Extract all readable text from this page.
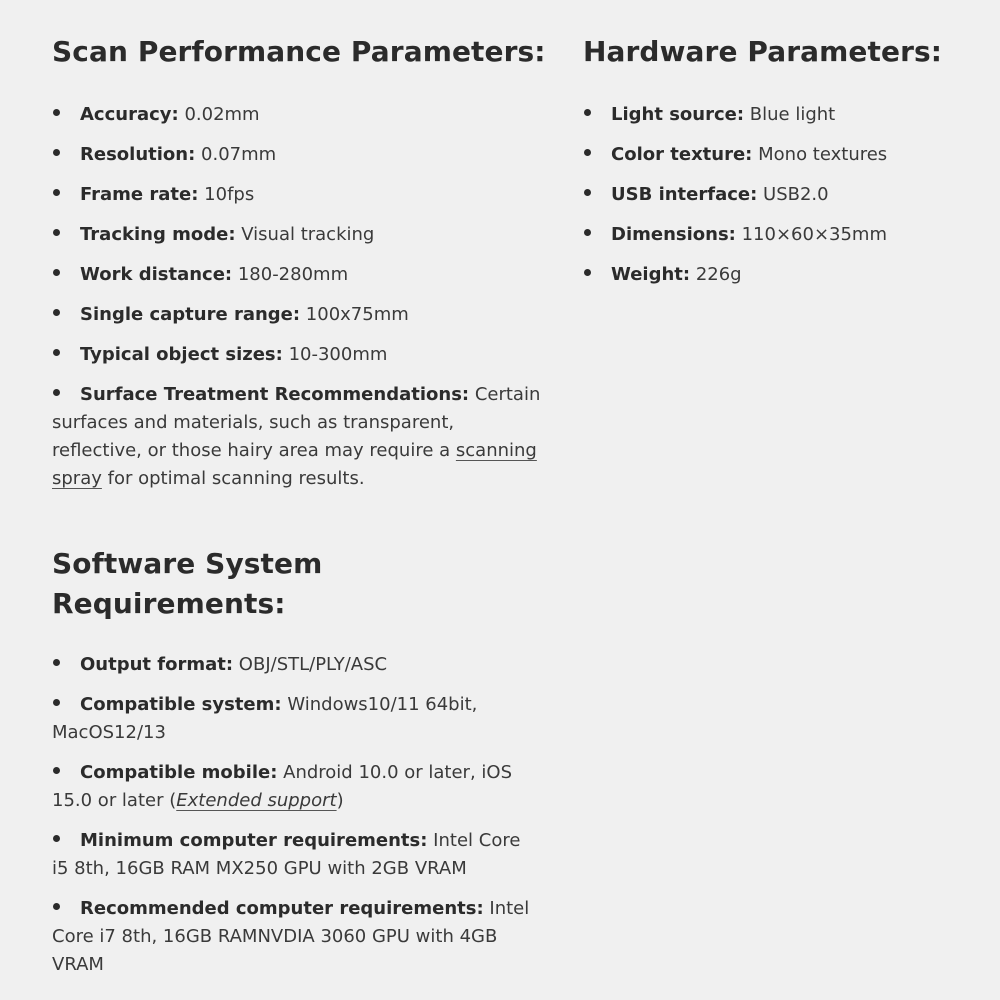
Scan Performance Parameters:
Accuracy: 0.02mm
Resolution: 0.07mm
Frame rate: 10fps
Tracking mode: Visual tracking
Work distance: 180-280mm
Single capture range: 100x75mm
Typical object sizes: 10-300mm
Surface Treatment Recommendations: Certain surfaces and materials, such as transparent, reflective, or those hairy area may require a scanning spray for optimal scanning results.
Software System Requirements:
Output format: OBJ/STL/PLY/ASC
Compatible system: Windows10/11 64bit, MacOS12/13
Compatible mobile: Android 10.0 or later, iOS 15.0 or later (Extended support)
Minimum computer requirements: Intel Core i5 8th, 16GB RAM MX250 GPU with 2GB VRAM
Recommended computer requirements: Intel Core i7 8th, 16GB RAMNVDIA 3060 GPU with 4GB VRAM
Hardware Parameters:
Light source: Blue light
Color texture: Mono textures
USB interface: USB2.0
Dimensions: 110×60×35mm
Weight: 226g
